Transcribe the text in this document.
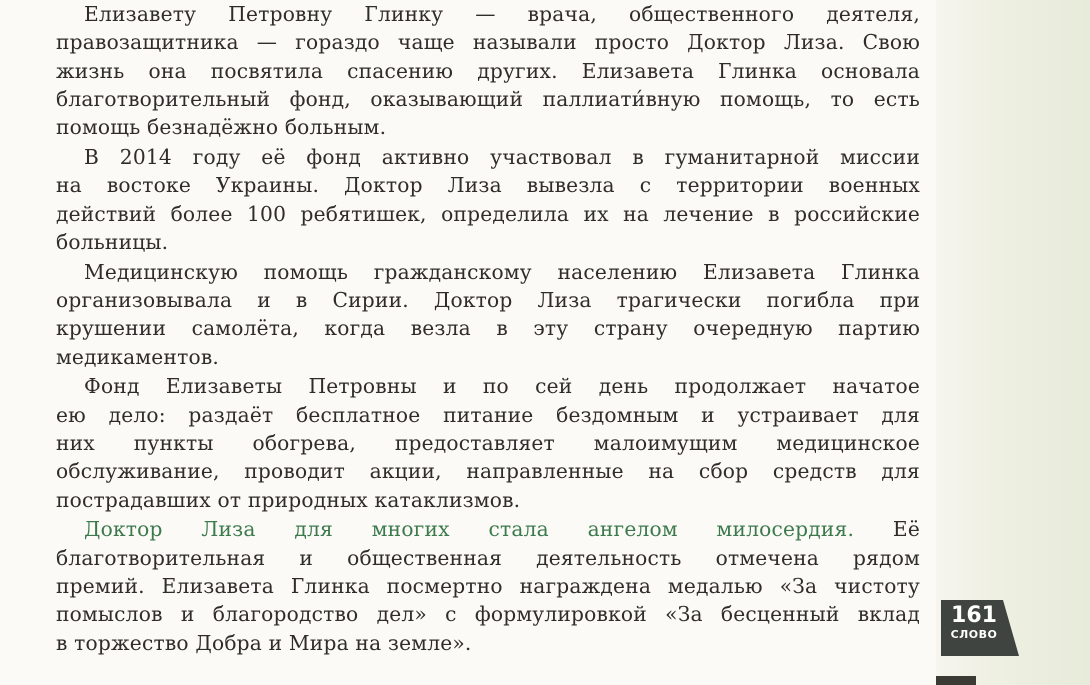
Елизавету Петровну Глинку — врача, общественного деятеля,
правозащитника — гораздо чаще называли просто Доктор Лиза. Свою
жизнь она посвятила спасению других. Елизавета Глинка основала
благотворительный фонд, оказывающий паллиати́вную помощь, то есть
помощь безнадёжно больным.
В 2014 году её фонд активно участвовал в гуманитарной миссии
на востоке Украины. Доктор Лиза вывезла с территории военных
действий более 100 ребятишек, определила их на лечение в российские
больницы.
Медицинскую помощь гражданскому населению Елизавета Глинка
организовывала и в Сирии. Доктор Лиза трагически погибла при
крушении самолёта, когда везла в эту страну очередную партию
медикаментов.
Фонд Елизаветы Петровны и по сей день продолжает начатое
ею дело: раздаёт бесплатное питание бездомным и устраивает для
них пункты обогрева, предоставляет малоимущим медицинское
обслуживание, проводит акции, направленные на сбор средств для
пострадавших от природных катаклизмов.
Доктор Лиза для многих стала ангелом милосердия. Её
благотворительная и общественная деятельность отмечена рядом
премий. Елизавета Глинка посмертно награждена медалью «За чистоту
помыслов и благородство дел» с формулировкой «За бесценный вклад
в торжество Добра и Мира на земле».
161
СЛОВО
